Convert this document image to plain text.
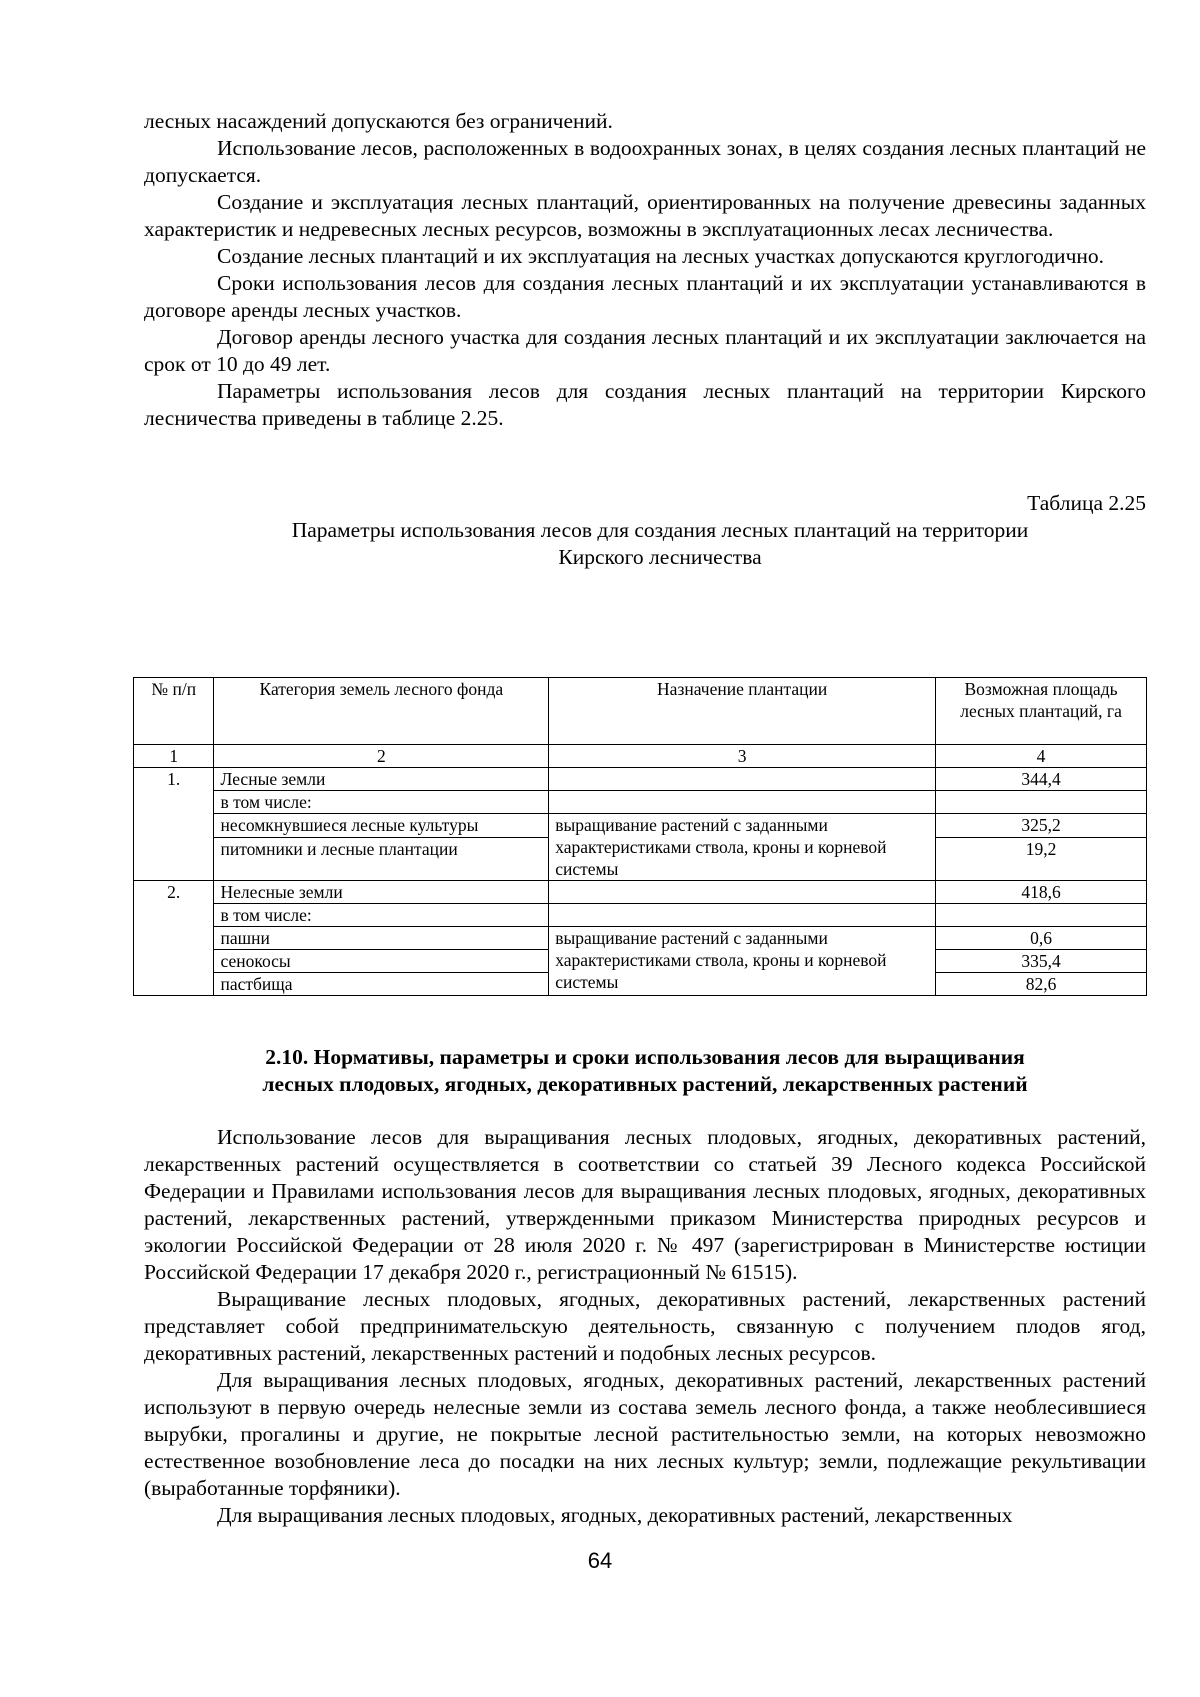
лесных насаждений допускаются без ограничений.

Использование лесов, расположенных в водоохранных зонах, в целях создания лесных плантаций не допускается.

Создание и эксплуатация лесных плантаций, ориентированных на получение древесины заданных характеристик и недревесных лесных ресурсов, возможны в эксплуатационных лесах лесничества.

Создание лесных плантаций и их эксплуатация на лесных участках допускаются круглогодично.

Сроки использования лесов для создания лесных плантаций и их эксплуатации устанавливаются в договоре аренды лесных участков.

Договор аренды лесного участка для создания лесных плантаций и их эксплуатации заключается на срок от 10 до 49 лет.

Параметры использования лесов для создания лесных плантаций на территории Кирского лесничества приведены в таблице 2.25.

Таблица 2.25
Параметры использования лесов для создания лесных плантаций на территории
Кирского лесничества
№ п/п	Категория земель лесного фонда	Назначение плантации	Возможная площадь лесных плантаций, га
1	2	3	4
1.	Лесные земли		344,4
	в том числе:		
	несомкнувшиеся лесные культуры	выращивание растений с заданными характеристиками ствола, кроны и корневой системы	325,2
	питомники и лесные плантации		19,2

2.	Нелесные земли		418,6
	в том числе:		
	пашни	выращивание растений с заданными характеристиками ствола, кроны и корневой системы	0,6
	сенокосы		335,4
	пастбища		82,6
2.10. Нормативы, параметры и сроки использования лесов для выращивания
лесных плодовых, ягодных, декоративных растений, лекарственных растений

Использование лесов для выращивания лесных плодовых, ягодных, декоративных растений, лекарственных растений осуществляется в соответствии со статьей 39 Лесного кодекса Российской Федерации и Правилами использования лесов для выращивания лесных плодовых, ягодных, декоративных растений, лекарственных растений, утвержденными приказом Министерства природных ресурсов и экологии Российской Федерации от 28 июля 2020 г. № 497 (зарегистрирован в Министерстве юстиции Российской Федерации 17 декабря 2020 г., регистрационный № 61515).

Выращивание лесных плодовых, ягодных, декоративных растений, лекарственных растений представляет собой предпринимательскую деятельность, связанную с получением плодов ягод, декоративных растений, лекарственных растений и подобных лесных ресурсов.

Для выращивания лесных плодовых, ягодных, декоративных растений, лекарственных растений используют в первую очередь нелесные земли из состава земель лесного фонда, а также необлесившиеся вырубки, прогалины и другие, не покрытые лесной растительностью земли, на которых невозможно естественное возобновление леса до посадки на них лесных культур; земли, подлежащие рекультивации (выработанные торфяники).

Для выращивания лесных плодовых, ягодных, декоративных растений, лекарственных

64
